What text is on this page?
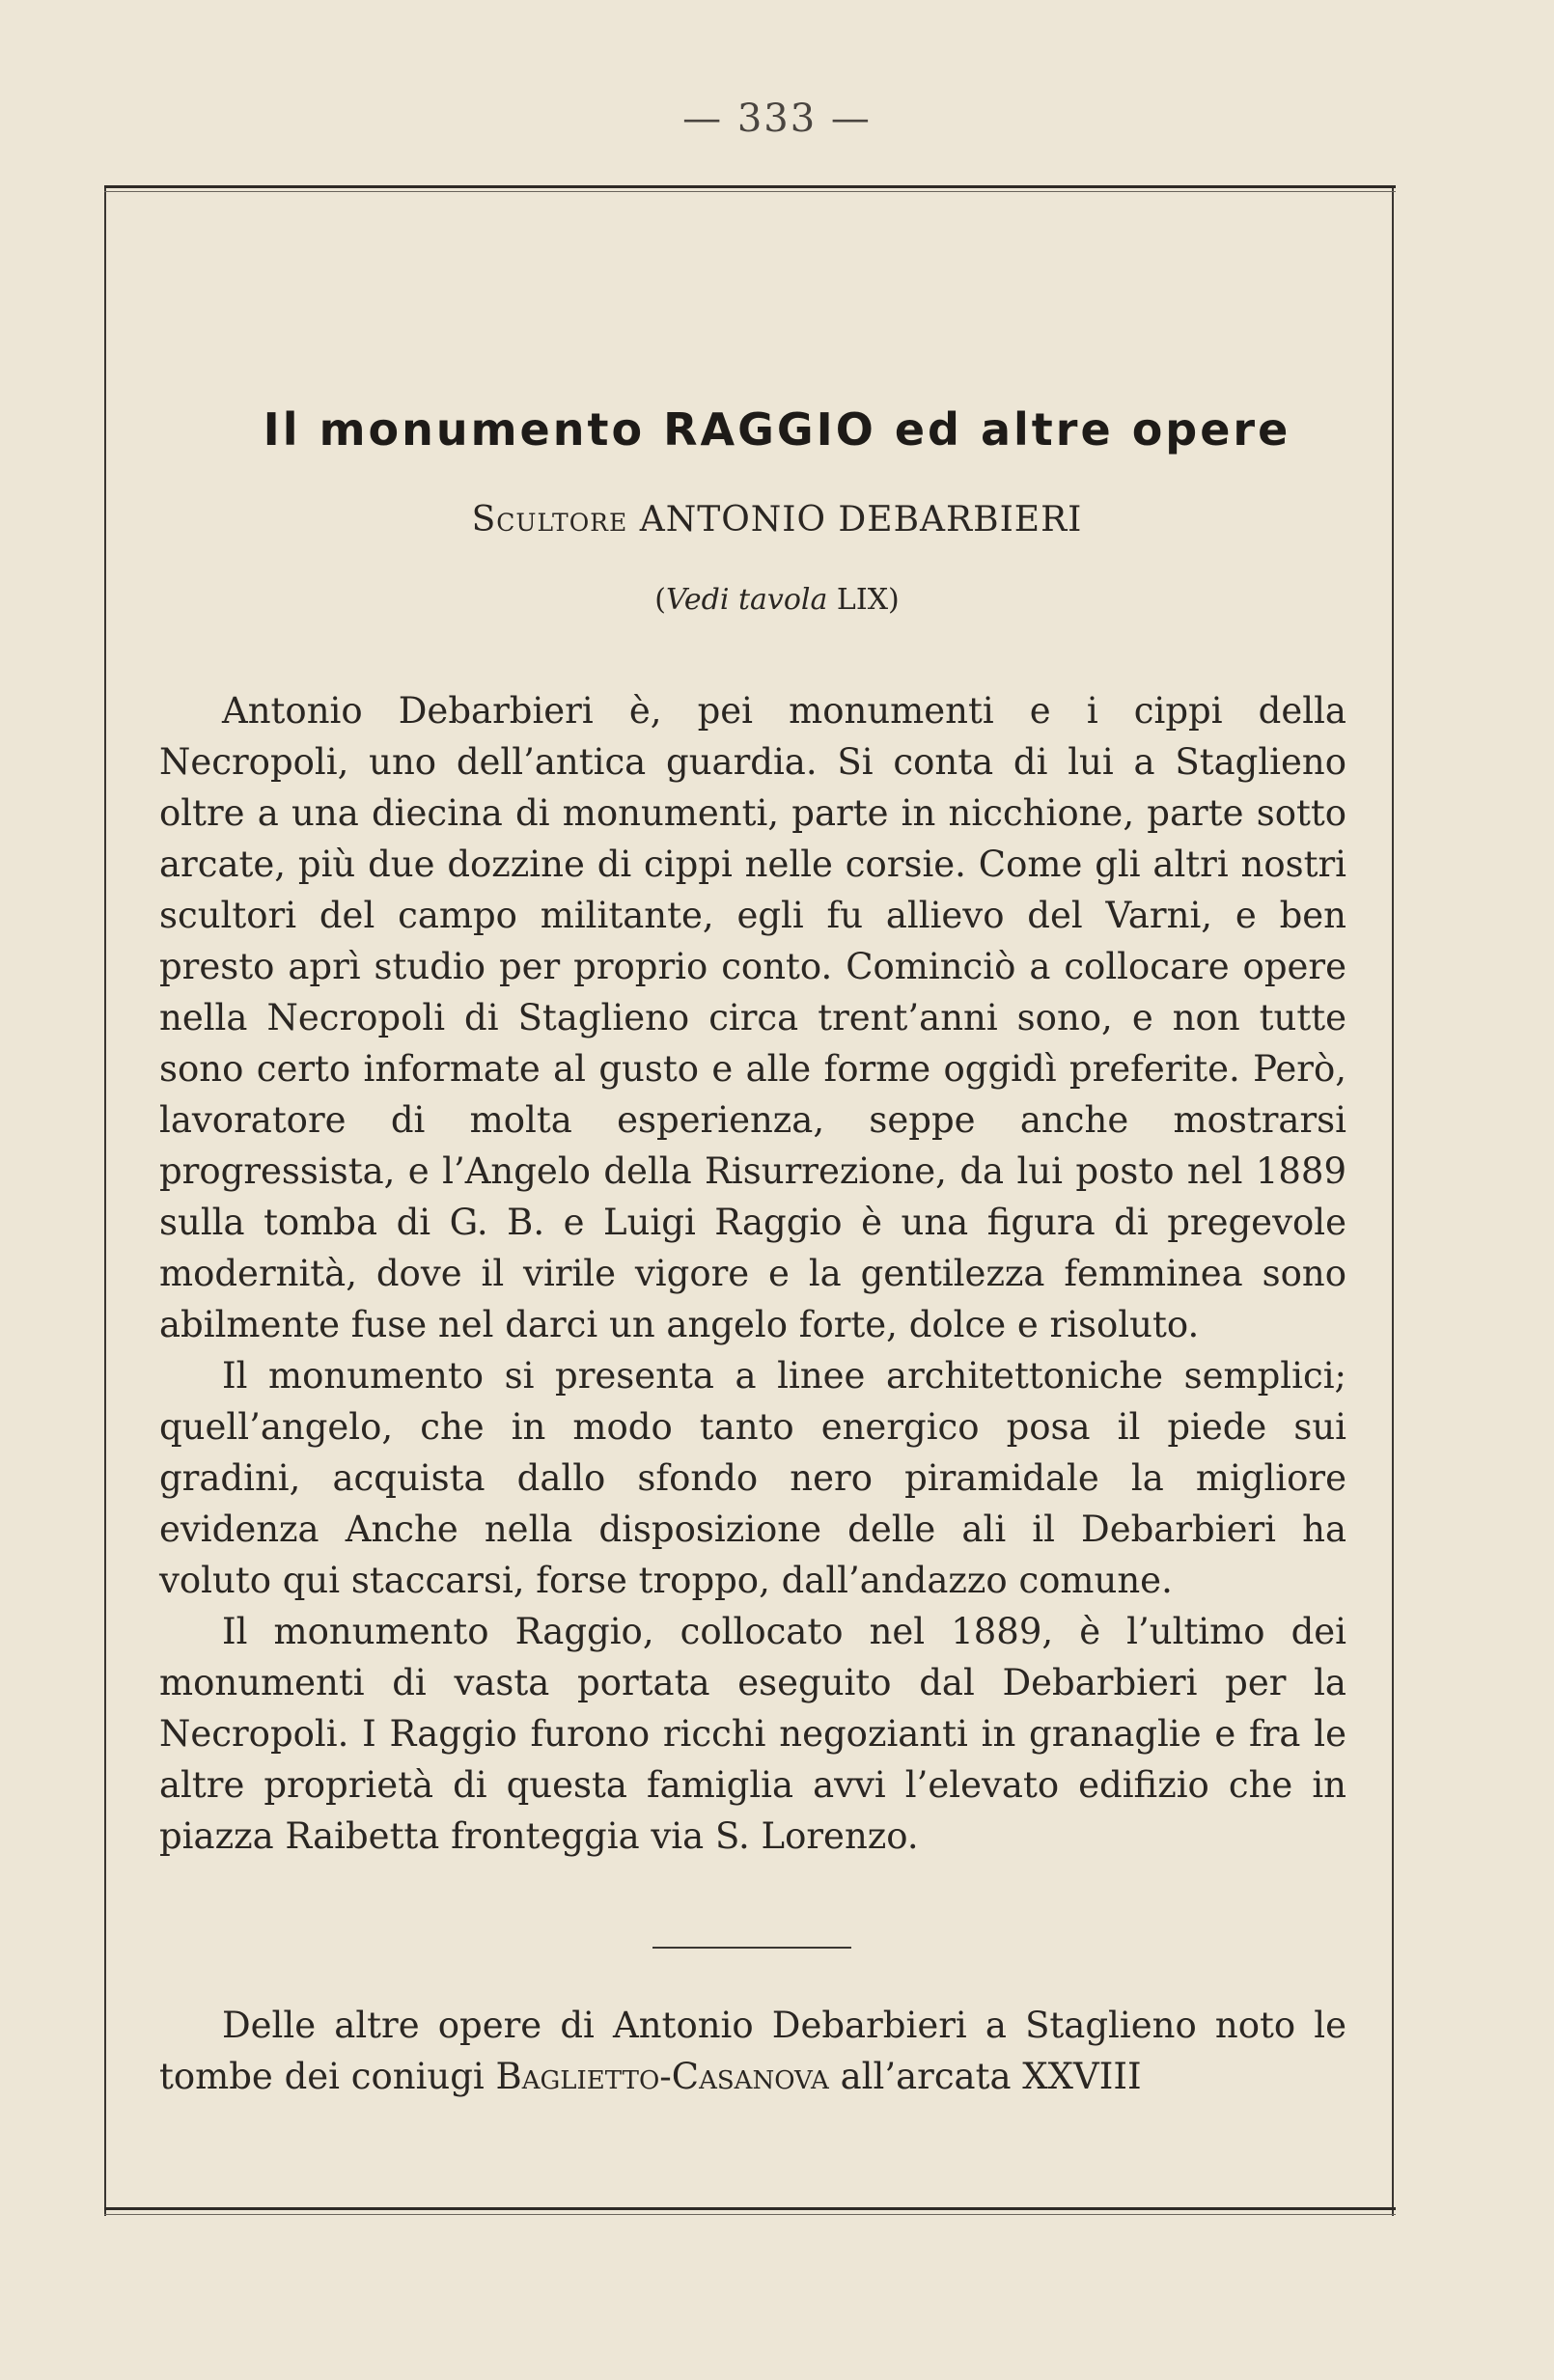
— 333 —
Il monumento RAGGIO ed altre opere
Scultore ANTONIO DEBARBIERI
(Vedi tavola LIX)

Antonio Debarbieri è, pei monumenti e i cippi della Necropoli, uno dell’antica guardia. Si conta di lui a Staglieno oltre a una diecina di monumenti, parte in nicchione, parte sotto arcate, più due dozzine di cippi nelle corsie. Come gli altri nostri scultori del campo militante, egli fu allievo del Varni, e ben presto aprì studio per proprio conto. Cominciò a collocare opere nella Necropoli di Staglieno circa trent’anni sono, e non tutte sono certo informate al gusto e alle forme oggidì preferite. Però, lavoratore di molta esperienza, seppe anche mostrarsi progressista, e l’Angelo della Risurrezione, da lui posto nel 1889 sulla tomba di G. B. e Luigi Raggio è una figura di pregevole modernità, dove il virile vigore e la gentilezza femminea sono abilmente fuse nel darci un angelo forte, dolce e risoluto.

Il monumento si presenta a linee architettoniche semplici; quell’angelo, che in modo tanto energico posa il piede sui gradini, acquista dallo sfondo nero piramidale la migliore evidenza Anche nella disposizione delle ali il Debarbieri ha voluto qui staccarsi, forse troppo, dall’andazzo comune.

Il monumento Raggio, collocato nel 1889, è l’ultimo dei monumenti di vasta portata eseguito dal Debarbieri per la Necropoli. I Raggio furono ricchi negozianti in granaglie e fra le altre proprietà di questa famiglia avvi l’elevato edifizio che in piazza Raibetta fronteggia via S. Lorenzo.

Delle altre opere di Antonio Debarbieri a Staglieno noto le tombe dei coniugi Baglietto-Casanova all’arcata XXVIII
